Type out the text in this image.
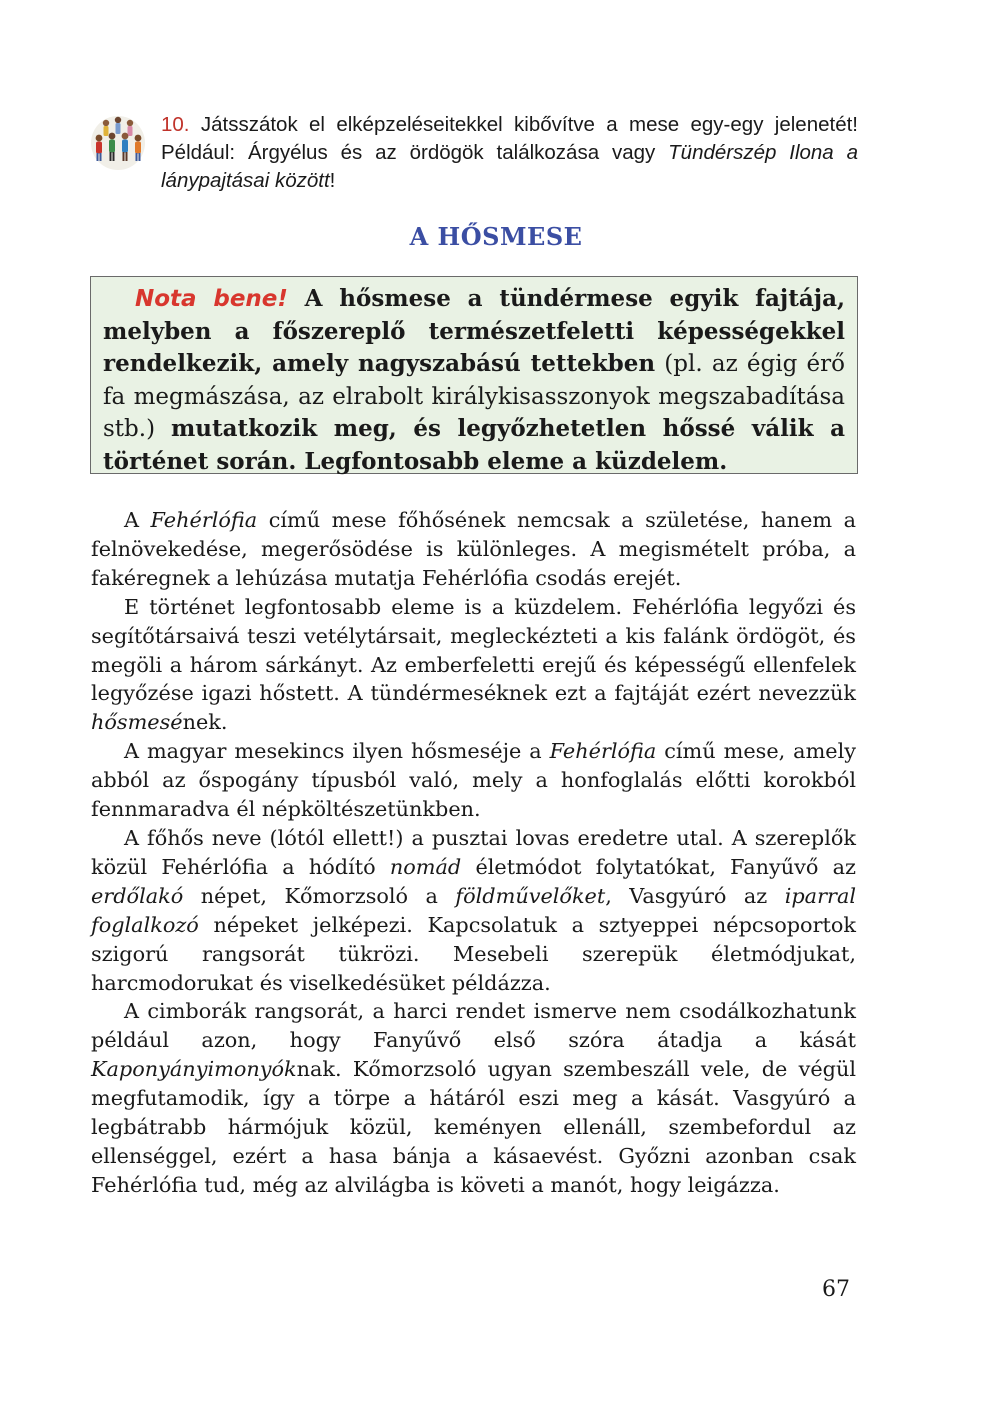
10. Játsszátok el elképzeléseitekkel kibővítve a mese egy-egy jelenetét! Például: Árgyélus és az ördögök találkozása vagy Tündérszép Ilona a lánypajtásai között!
A HŐSMESE
Nota bene! A hősmese a tündérmese egyik fajtája, melyben a főszereplő természetfeletti képességekkel rendelkezik, amely nagyszabású tettekben (pl. az égig érő fa megmászása, az elrabolt királykisasszonyok megszabadítása stb.) mutatkozik meg, és legyőzhetetlen hőssé válik a történet során. Legfontosabb eleme a küzdelem.

A Fehérlófia című mese főhősének nemcsak a születése, hanem a felnövekedése, megerősödése is különleges. A megismételt próba, a fakéregnek a lehúzása mutatja Fehérlófia csodás erejét.

E történet legfontosabb eleme is a küzdelem. Fehérlófia legyőzi és segítőtársaivá teszi vetélytársait, megleckézteti a kis falánk ördögöt, és megöli a három sárkányt. Az emberfeletti erejű és képességű ellenfelek legyőzése igazi hőstett. A tündérmeséknek ezt a fajtáját ezért nevezzük hősmesének.

A magyar mesekincs ilyen hősmeséje a Fehérlófia című mese, amely abból az őspogány típusból való, mely a honfoglalás előtti korokból fennmaradva él népköltészetünkben.

A főhős neve (lótól ellett!) a pusztai lovas eredetre utal. A szereplők közül Fehérlófia a hódító nomád életmódot folytatókat, Fanyűvő az erdőlakó népet, Kőmorzsoló a földművelőket, Vasgyúró az iparral foglalkozó népeket jelképezi. Kapcsolatuk a sztyeppei népcsoportok szigorú rangsorát tükrözi. Mesebeli szerepük életmódjukat, harcmodorukat és viselkedésüket példázza.

A cimborák rangsorát, a harci rendet ismerve nem csodálkozhatunk például azon, hogy Fanyűvő első szóra átadja a kását Kaponyányimonyóknak. Kőmorzsoló ugyan szembeszáll vele, de végül megfutamodik, így a törpe a hátáról eszi meg a kását. Vasgyúró a legbátrabb hármójuk közül, keményen ellenáll, szembefordul az ellenséggel, ezért a hasa bánja a kásaevést. Győzni azonban csak Fehérlófia tud, még az alvilágba is követi a manót, hogy leigázza.

67
